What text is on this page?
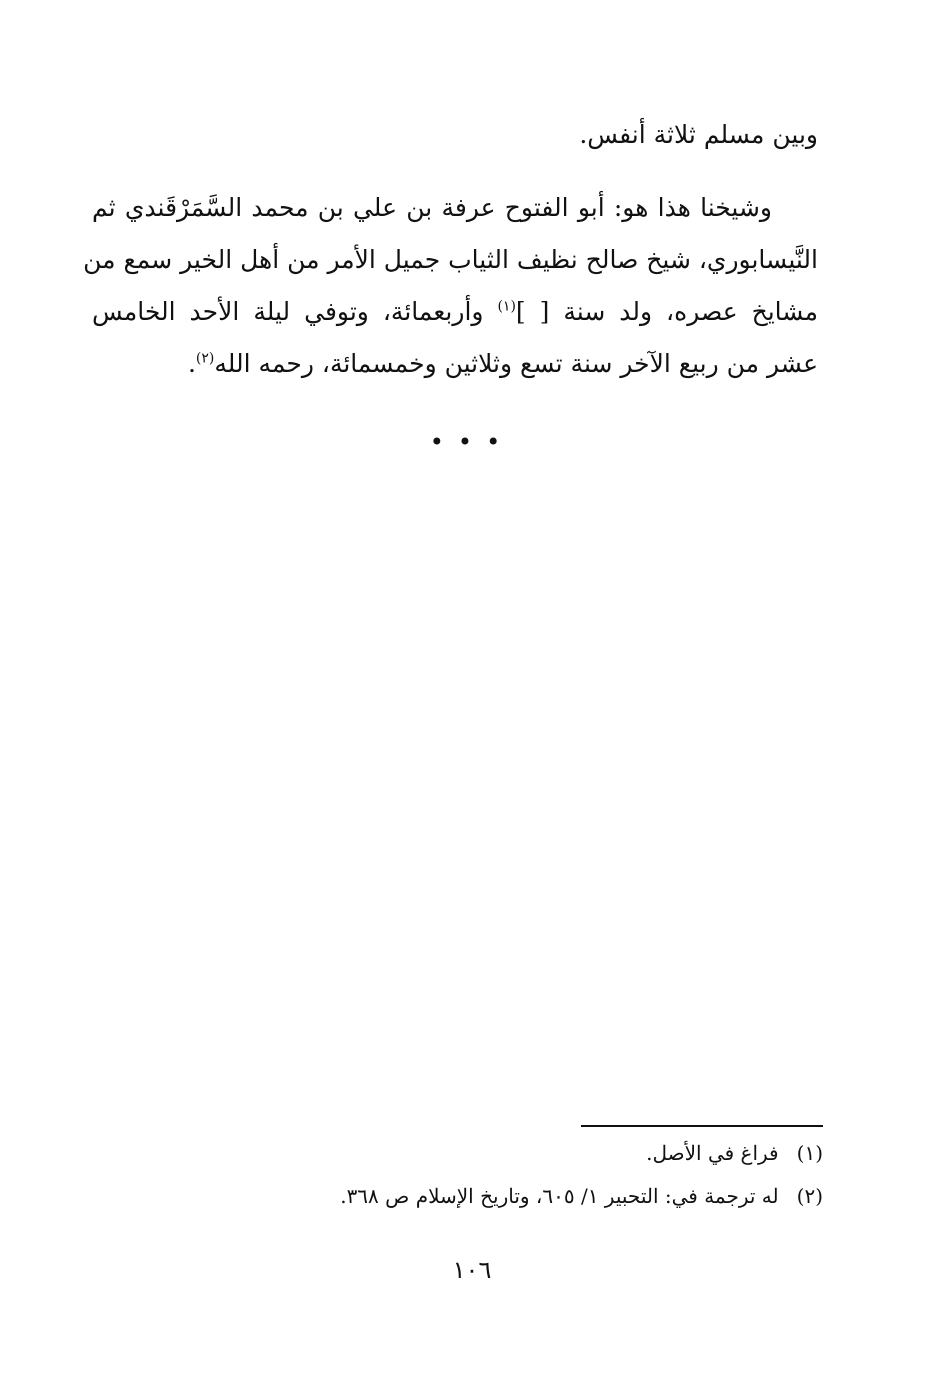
وبين مسلم ثلاثة أنفس.
وشيخنا هذا هو: أبو الفتوح عرفة بن علي بن محمد السَّمَرْقَندي ثم
النَّيسابوري، شيخ صالح نظيف الثياب جميل الأمر من أهل الخير سمع من
مشايخ عصره، ولد سنة [ ]$^{(١)}$ وأربعمائة، وتوفي ليلة الأحد الخامس
عشر من ربيع الآخر سنة تسع وثلاثين وخمسمائة، رحمه الله$^{(٢)}$.
•••
(١)فراغ في الأصل.
(٢)له ترجمة في: التحبير ١/ ٦٠٥، وتاريخ الإسلام ص ٣٦٨.
١٠٦
